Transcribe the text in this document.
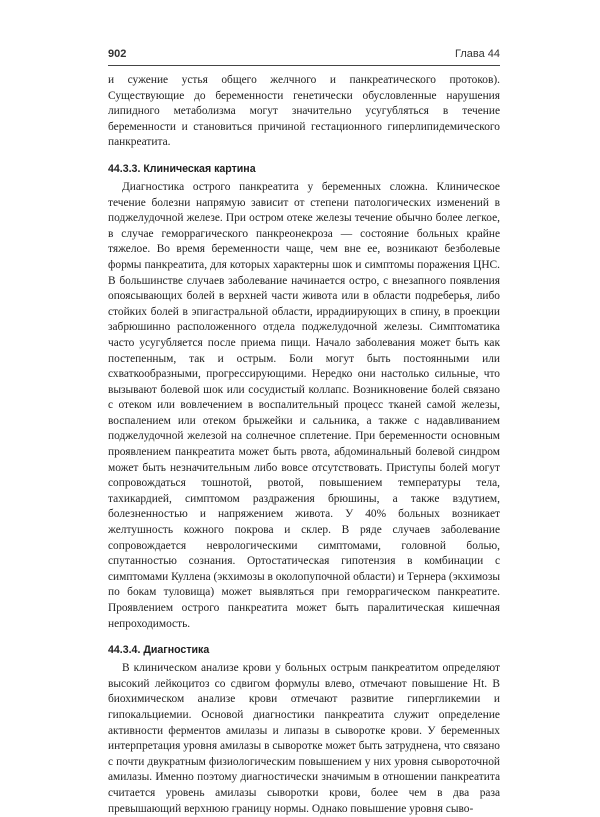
902	Глава 44

и сужение устья общего желчного и панкреатического протоков). Существующие до беременности генетически обусловленные нарушения липидного метаболизма могут значительно усугубляться в течение беременности и становиться причиной гестационного гиперлипидемического панкреатита.

44.3.3. Клиническая картина

Диагностика острого панкреатита у беременных сложна. Клиническое течение болезни напрямую зависит от степени патологических изменений в поджелудочной железе. При остром отеке железы течение обычно более легкое, в случае геморрагического панкреонекроза — состояние больных крайне тяжелое. Во время беременности чаще, чем вне ее, возникают безболевые формы панкреатита, для которых характерны шок и симптомы поражения ЦНС. В большинстве случаев заболевание начинается остро, с внезапного появления опоясывающих болей в верхней части живота или в области подреберья, либо стойких болей в эпигастральной области, иррадиирующих в спину, в проекции забрюшинно расположенного отдела поджелудочной железы. Симптоматика часто усугубляется после приема пищи. Начало заболевания может быть как постепенным, так и острым. Боли могут быть постоянными или схваткообразными, прогрессирующими. Нередко они настолько сильные, что вызывают болевой шок или сосудистый коллапс. Возникновение болей связано с отеком или вовлечением в воспалительный процесс тканей самой железы, воспалением или отеком брыжейки и сальника, а также с надавливанием поджелудочной железой на солнечное сплетение. При беременности основным проявлением панкреатита может быть рвота, абдоминальный болевой синдром может быть незначительным либо вовсе отсутствовать. Приступы болей могут сопровождаться тошнотой, рвотой, повышением температуры тела, тахикардией, симптомом раздражения брюшины, а также вздутием, болезненностью и напряжением живота. У 40% больных возникает желтушность кожного покрова и склер. В ряде случаев заболевание сопровождается неврологическими симптомами, головной болью, спутанностью сознания. Ортостатическая гипотензия в комбинации с симптомами Куллена (экхимозы в околопупочной области) и Тернера (экхимозы по бокам туловища) может выявляться при геморрагическом панкреатите. Проявлением острого панкреатита может быть паралитическая кишечная непроходимость.

44.3.4. Диагностика

В клиническом анализе крови у больных острым панкреатитом определяют высокий лейкоцитоз со сдвигом формулы влево, отмечают повышение Ht. В биохимическом анализе крови отмечают развитие гипергликемии и гипокальциемии. Основой диагностики панкреатита служит определение активности ферментов амилазы и липазы в сыворотке крови. У беременных интерпретация уровня амилазы в сыворотке может быть затруднена, что связано с почти двукратным физиологическим повышением у них уровня сывороточной амилазы. Именно поэтому диагностически значимым в отношении панкреатита считается уровень амилазы сыворотки крови, более чем в два раза превышающий верхнюю границу нормы. Однако повышение уровня сыво-
